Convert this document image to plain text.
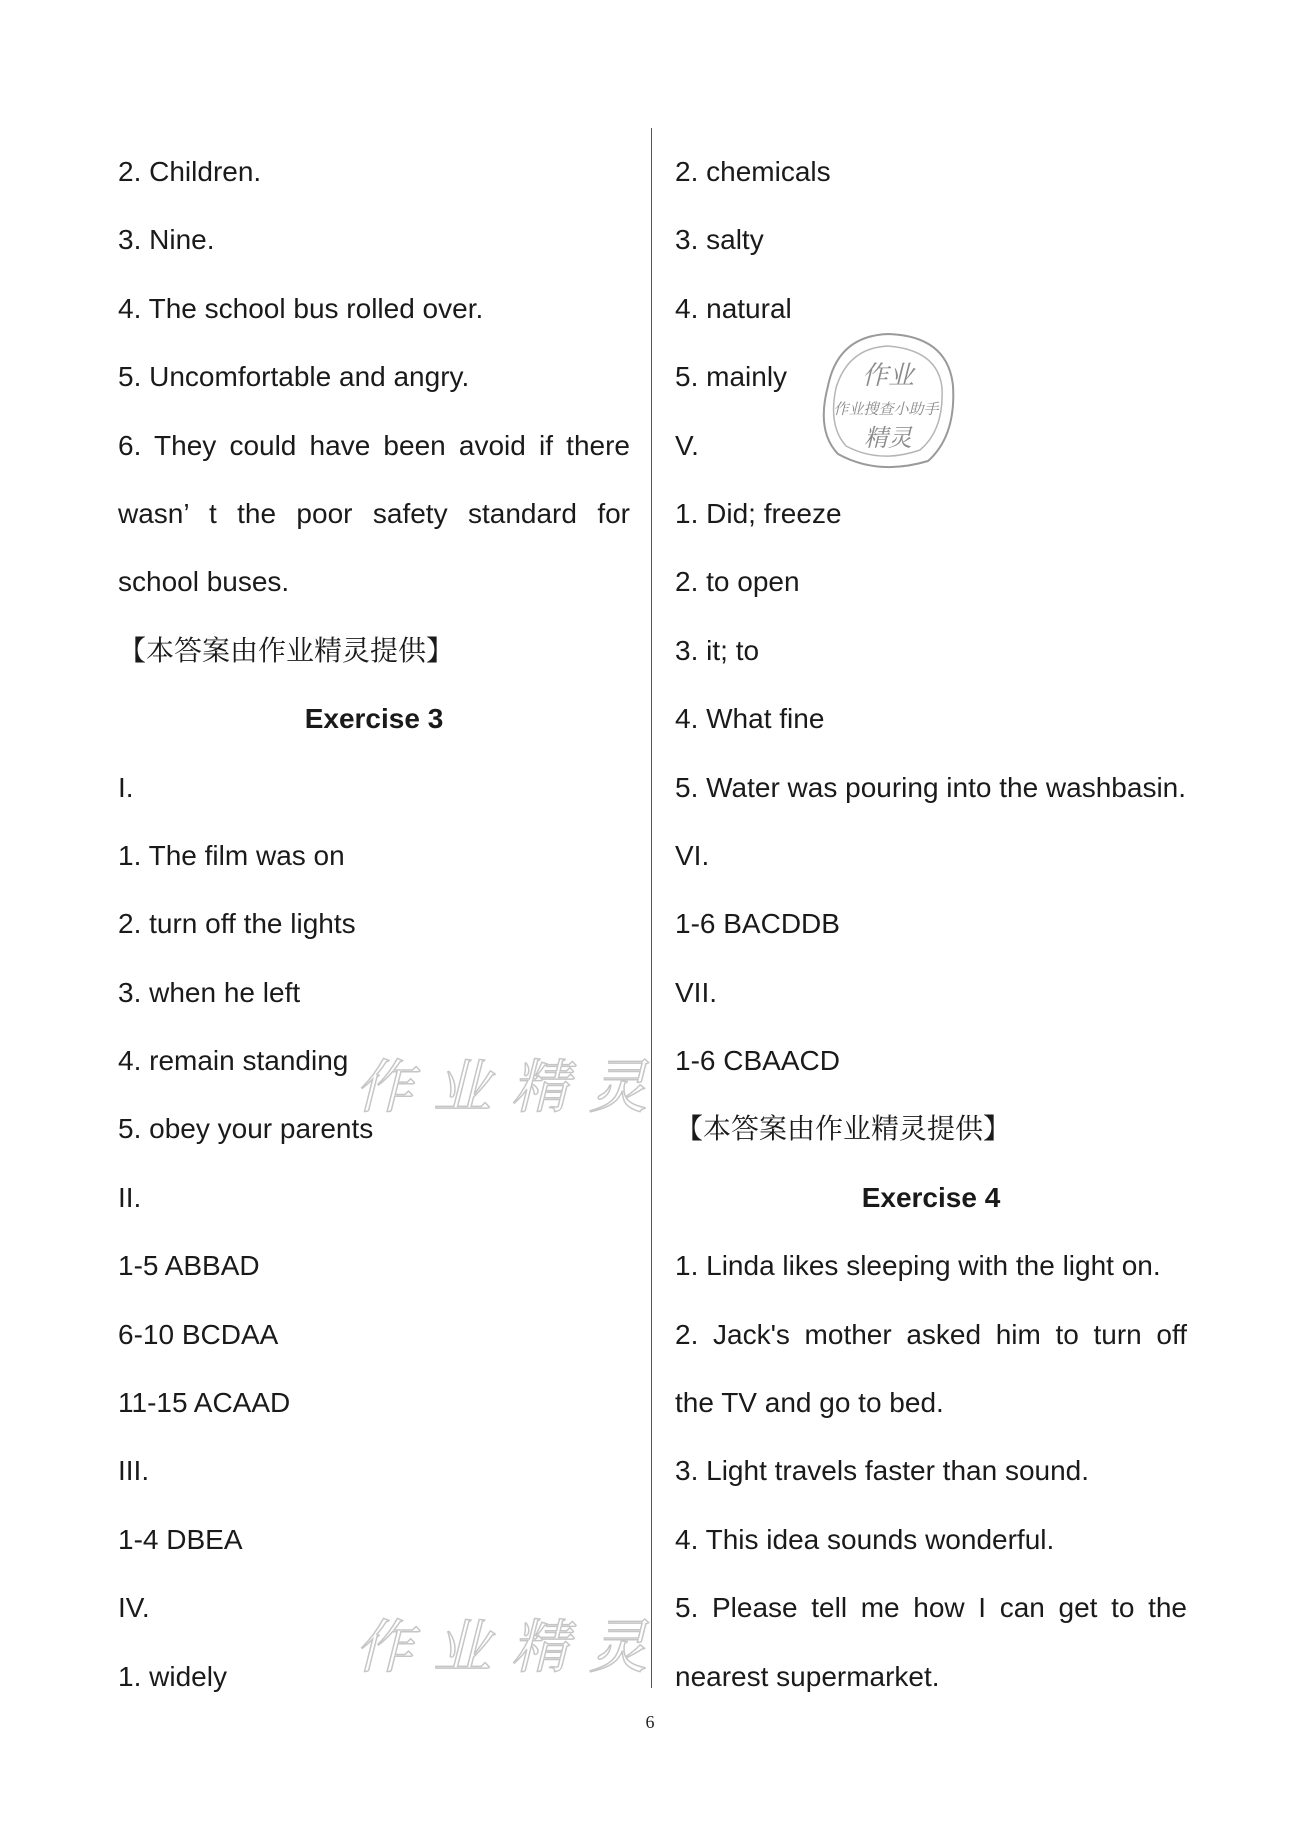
2. Children.
3. Nine.
4. The school bus rolled over.
5. Uncomfortable and angry.
6. They could have been avoid if there
wasn’ t the poor safety standard for
school buses.
【本答案由作业精灵提供】
Exercise 3
I.
1. The film was on
2. turn off the lights
3. when he left
4. remain standing
5. obey your parents
II.
1-5 ABBAD
6-10 BCDAA
11-15 ACAAD
III.
1-4 DBEA
IV.
1. widely
2. chemicals
3. salty
4. natural
5. mainly
V.
1. Did; freeze
2. to open
3. it; to
4. What fine
5. Water was pouring into the washbasin.
VI.
1-6 BACDDB
VII.
1-6 CBAACD
【本答案由作业精灵提供】
Exercise 4
1. Linda likes sleeping with the light on.
2. Jack's mother asked him to turn off
the TV and go to bed.
3. Light travels faster than sound.
4. This idea sounds wonderful.
5. Please tell me how I can get to the
nearest supermarket.
作业精灵
作业精灵
作业
作业搜查小助手
精灵
6
